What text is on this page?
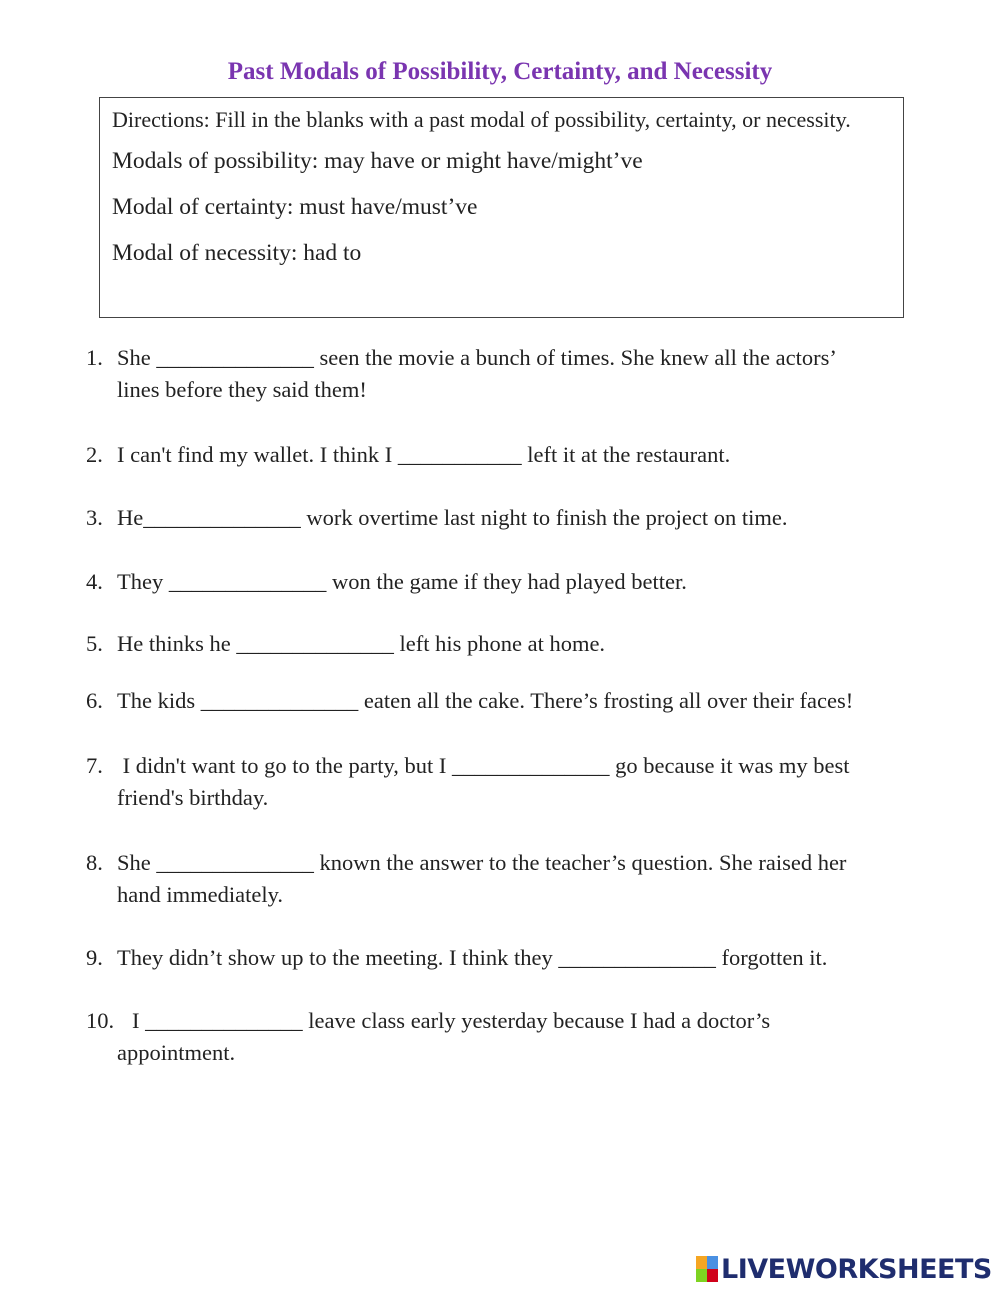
Past Modals of Possibility, Certainty, and Necessity

Directions: Fill in the blanks with a past modal of possibility, certainty, or necessity.

Modals of possibility: may have or might have/might’ve

Modal of certainty: must have/must’ve

Modal of necessity: had to

1. She ______________ seen the movie a bunch of times. She knew all the actors’
lines before they said them!
2. I can't find my wallet. I think I ___________ left it at the restaurant.
3. He______________ work overtime last night to finish the project on time.
4. They ______________ won the game if they had played better.
5. He thinks he ______________ left his phone at home.
6. The kids ______________ eaten all the cake. There’s frosting all over their faces!
7. I didn't want to go to the party, but I ______________ go because it was my best
friend's birthday.
8. She ______________ known the answer to the teacher’s question. She raised her
hand immediately.
9. They didn’t show up to the meeting. I think they ______________ forgotten it.
10. I ______________ leave class early yesterday because I had a doctor’s
appointment.
LIVEWORKSHEETS
